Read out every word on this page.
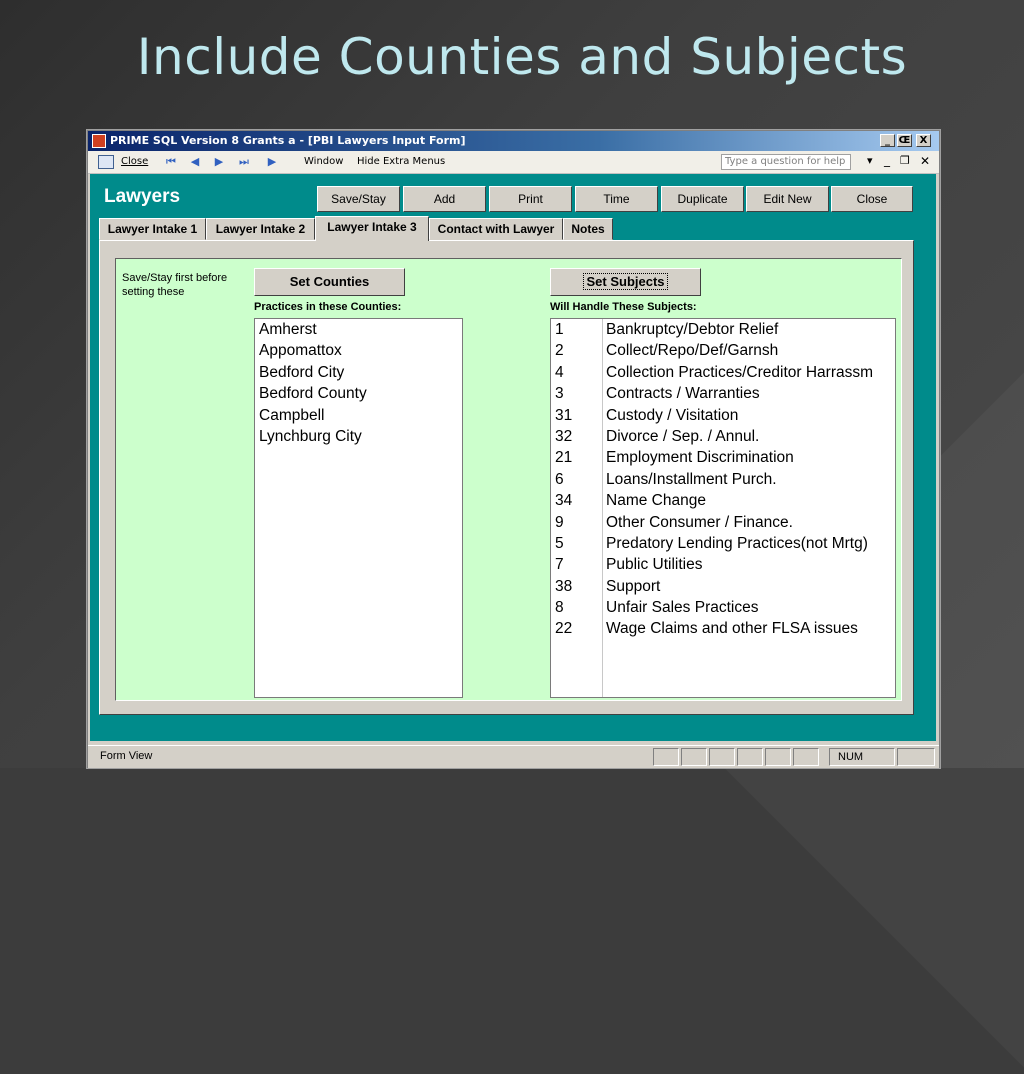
Include Counties and Subjects
PRIME SQL Version 8 Grants a - [PBI Lawyers Input Form]	_ Œ X
Close ⏮ ◀ ▶ ⏭ ▶	Window Hide Extra Menus	Type a question for help	▾ _ ❐ ✕
Lawyers	Save/Stay	Add	Print	Time	Duplicate	Edit New	Close
Lawyer Intake 1	Lawyer Intake 2	Lawyer Intake 3	Contact with Lawyer	Notes
Save/Stay first before setting these
Set Counties
Practices in these Counties:
Amherst
Appomattox
Bedford City
Bedford County
Campbell
Lynchburg City
Set Subjects
Will Handle These Subjects:
1	Bankruptcy/Debtor Relief
2	Collect/Repo/Def/Garnsh
4	Collection Practices/Creditor Harrassm
3	Contracts / Warranties
31 Custody / Visitation
32 Divorce / Sep. / Annul.
21 Employment Discrimination
6	Loans/Installment Purch.
34 Name Change
9	Other Consumer / Finance.
5	Predatory Lending Practices(not Mrtg)
7	Public Utilities
38 Support
8	Unfair Sales Practices
22 Wage Claims and other FLSA issues
Form View	NUM
